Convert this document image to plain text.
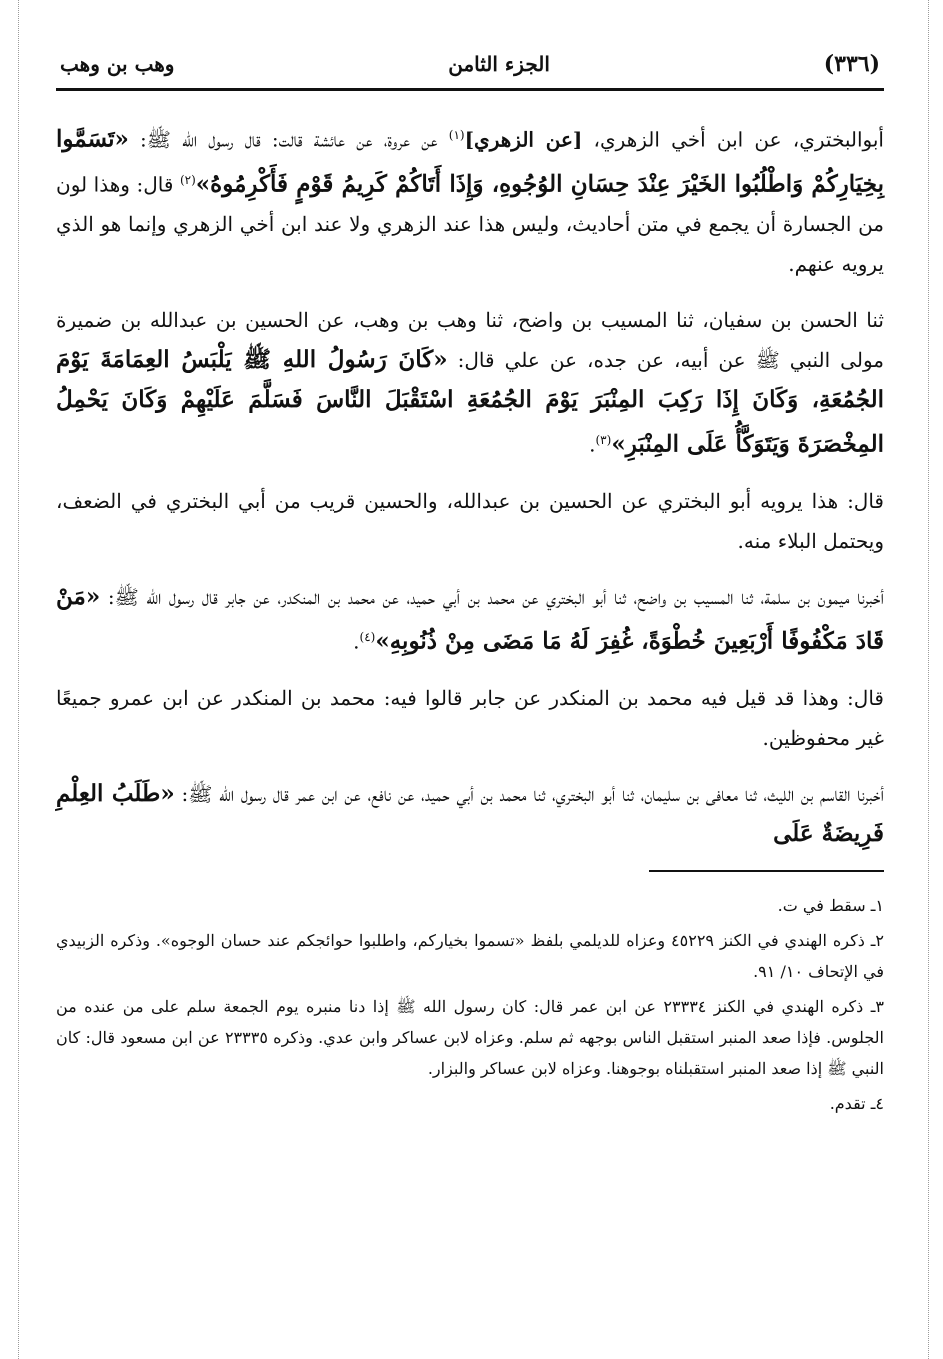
(٣٣٦)
الجزء الثامن
وهب بن وهب

أبوالبختري، عن ابن أخي الزهري، [عن الزهري]$^{(١)}$ عن عروة، عن عائشة قالت: قال رسول الله ﷺ: «تَسَمَّوا بِخِيَارِكُمْ وَاطْلُبُوا الخَيْرَ عِنْدَ حِسَانِ الوُجُوهِ، وَإِذَا أَتَاكُمْ كَرِيمُ قَوْمٍ فَأَكْرِمُوهُ»$^{(٢)}$ قال: وهذا لون من الجسارة أن يجمع في متن أحاديث، وليس هذا عند الزهري ولا عند ابن أخي الزهري وإنما هو الذي يرويه عنهم.

ثنا الحسن بن سفيان، ثنا المسيب بن واضح، ثنا وهب بن وهب، عن الحسين بن عبدالله بن ضميرة مولى النبي ﷺ عن أبيه، عن جده، عن علي قال: «كَانَ رَسُولُ اللهِ ﷺ يَلْبَسُ العِمَامَةَ يَوْمَ الجُمُعَةِ، وَكَانَ إِذَا رَكِبَ المِنْبَرَ يَوْمَ الجُمُعَةِ اسْتَقْبَلَ النَّاسَ فَسَلَّمَ عَلَيْهِمْ وَكَانَ يَحْمِلُ المِخْصَرَةَ وَيَتَوَكَّأُ عَلَى المِنْبَرِ»$^{(٣)}$.

قال: هذا يرويه أبو البختري عن الحسين بن عبدالله، والحسين قريب من أبي البختري في الضعف، ويحتمل البلاء منه.

أخبرنا ميمون بن سلمة، ثنا المسيب بن واضح، ثنا أبو البختري عن محمد بن أبي حميد، عن محمد بن المنكدر، عن جابر قال رسول الله ﷺ: «مَنْ قَادَ مَكْفُوفًا أَرْبَعِينَ خُطْوَةً، غُفِرَ لَهُ مَا مَضَى مِنْ ذُنُوبِهِ»$^{(٤)}$.

قال: وهذا قد قيل فيه محمد بن المنكدر عن جابر قالوا فيه: محمد بن المنكدر عن ابن عمرو جميعًا غير محفوظين.

أخبرنا القاسم بن الليث، ثنا معافى بن سليمان، ثنا أبو البختري، ثنا محمد بن أبي حميد، عن نافع، عن ابن عمر قال رسول الله ﷺ: «طَلَبُ العِلْمِ فَرِيضَةٌ عَلَى

١ـ سقط في ت.

٢ـ ذكره الهندي في الكنز ٤٥٢٢٩ وعزاه للديلمي بلفظ «تسموا بخياركم، واطلبوا حوائجكم عند حسان الوجوه». وذكره الزبيدي في الإتحاف ١٠/ ٩١.

٣ـ ذكره الهندي في الكنز ٢٣٣٣٤ عن ابن عمر قال: كان رسول الله ﷺ إذا دنا منبره يوم الجمعة سلم على من عنده من الجلوس. فإذا صعد المنبر استقبل الناس بوجهه ثم سلم. وعزاه لابن عساكر وابن عدي. وذكره ٢٣٣٣٥ عن ابن مسعود قال: كان النبي ﷺ إذا صعد المنبر استقبلناه بوجوهنا. وعزاه لابن عساكر والبزار.

٤ـ تقدم.
